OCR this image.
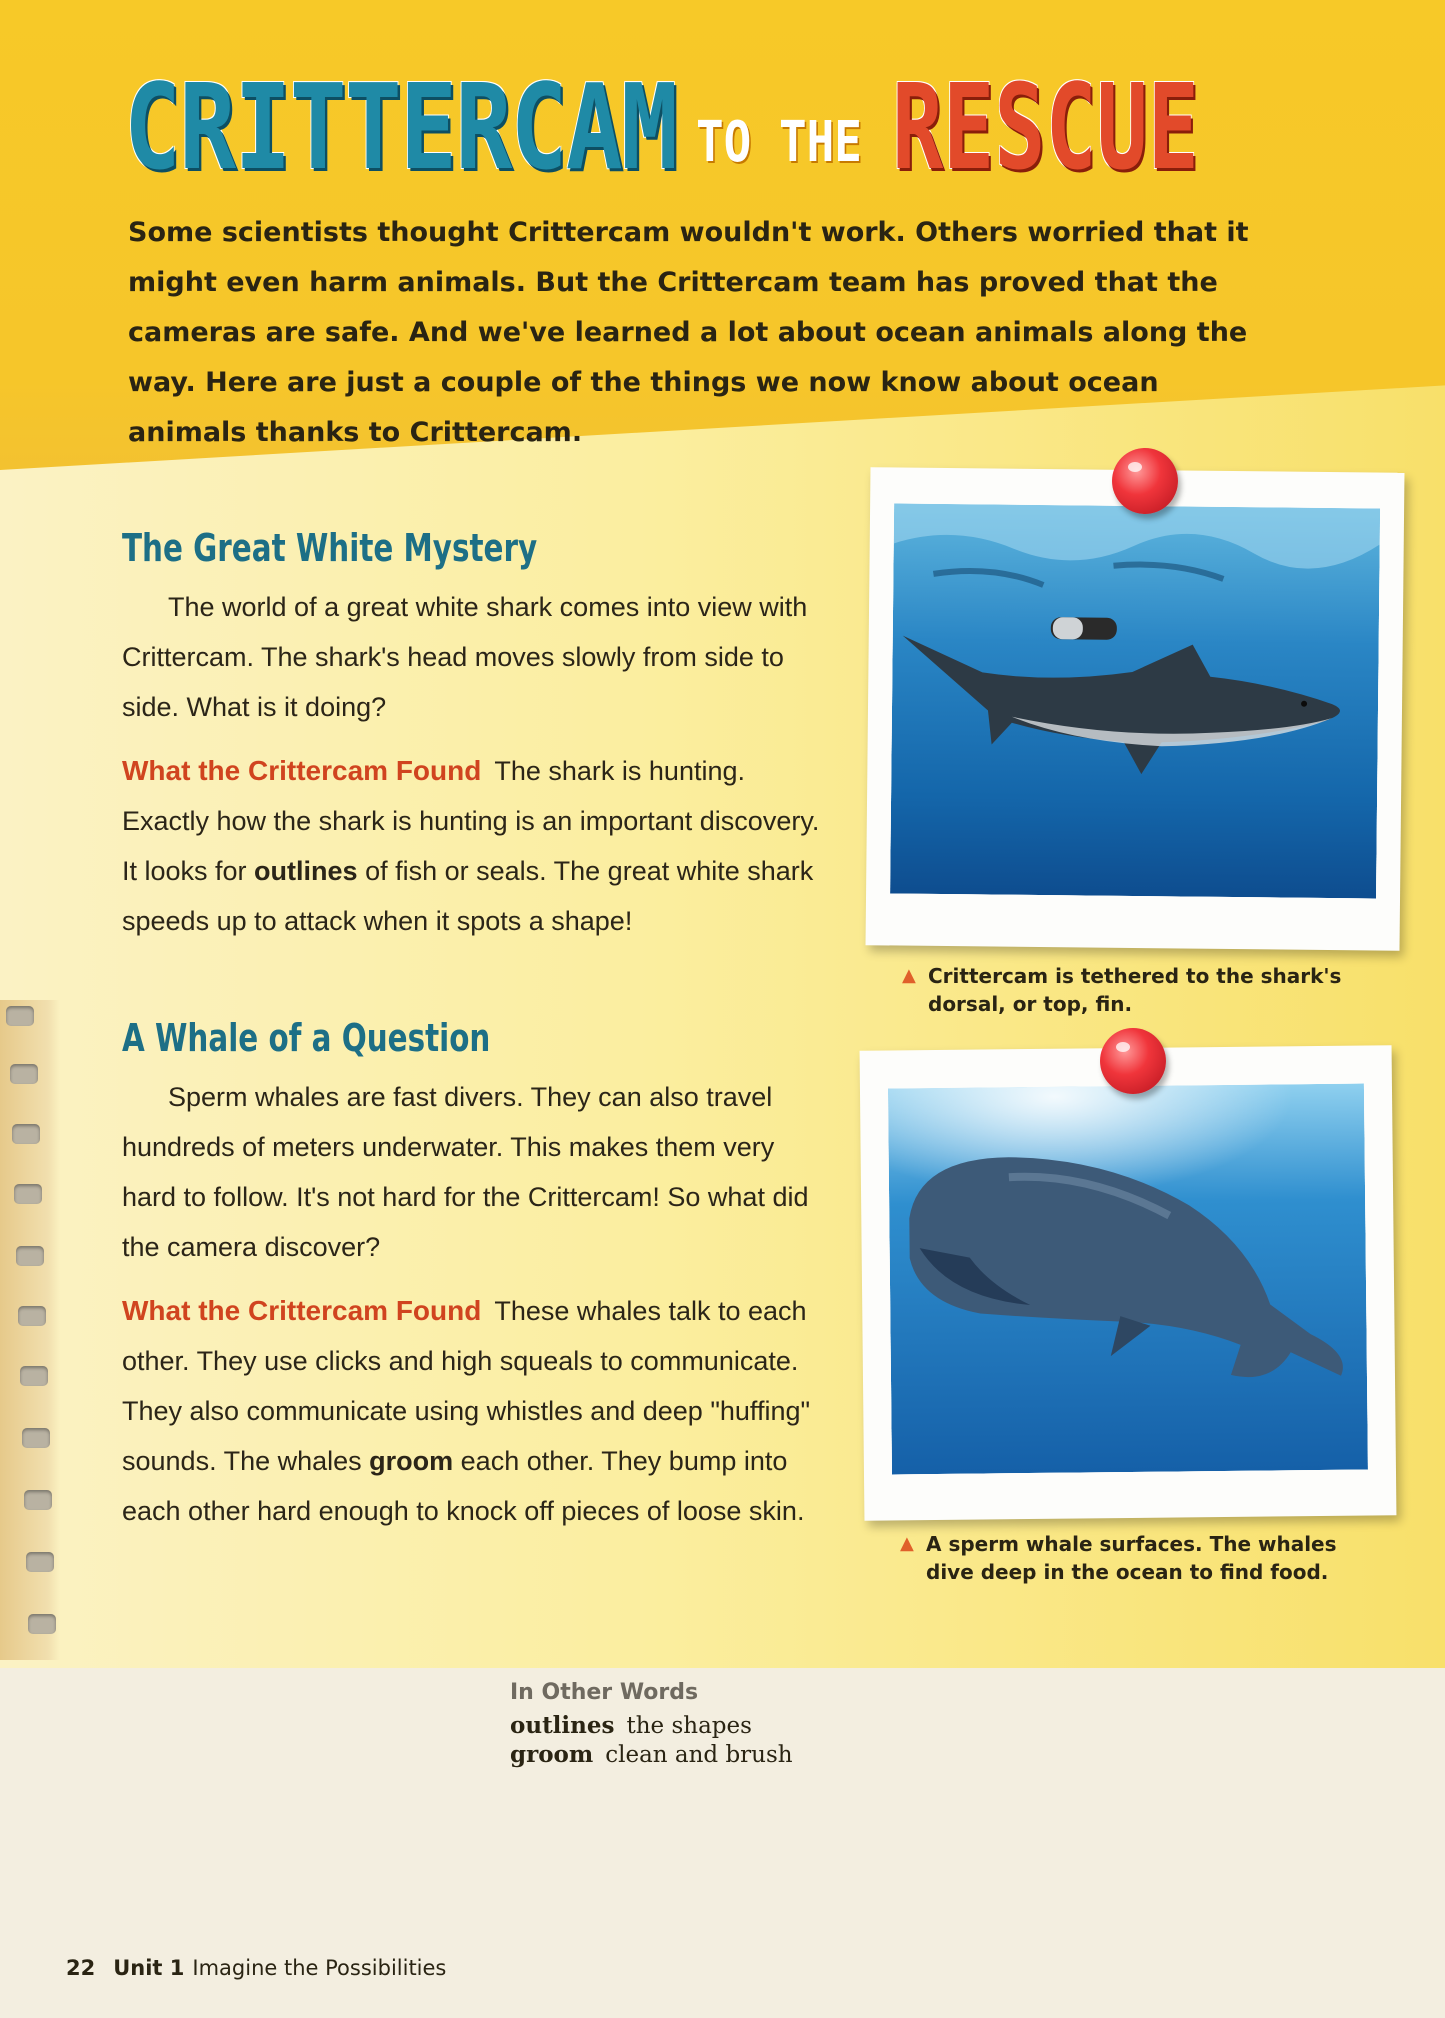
CRITTERCAM TO THE RESCUE
Some scientists thought Crittercam wouldn't work. Others worried that it might even harm animals. But the Crittercam team has proved that the cameras are safe. And we've learned a lot about ocean animals along the way. Here are just a couple of the things we now know about ocean animals thanks to Crittercam.
The Great White Mystery
The world of a great white shark comes into view with Crittercam. The shark's head moves slowly from side to side. What is it doing?
What the Crittercam Found The shark is hunting. Exactly how the shark is hunting is an important discovery. It looks for outlines of fish or seals. The great white shark speeds up to attack when it spots a shape!
A Whale of a Question
Sperm whales are fast divers. They can also travel hundreds of meters underwater. This makes them very hard to follow. It's not hard for the Crittercam! So what did the camera discover?
What the Crittercam Found These whales talk to each other. They use clicks and high squeals to communicate. They also communicate using whistles and deep "huffing" sounds. The whales groom each other. They bump into each other hard enough to knock off pieces of loose skin.
▲ Crittercam is tethered to the shark's dorsal, or top, fin.
▲ A sperm whale surfaces. The whales dive deep in the ocean to find food.
In Other Words
outlines the shapes
groom clean and brush
22 Unit 1 Imagine the Possibilities
